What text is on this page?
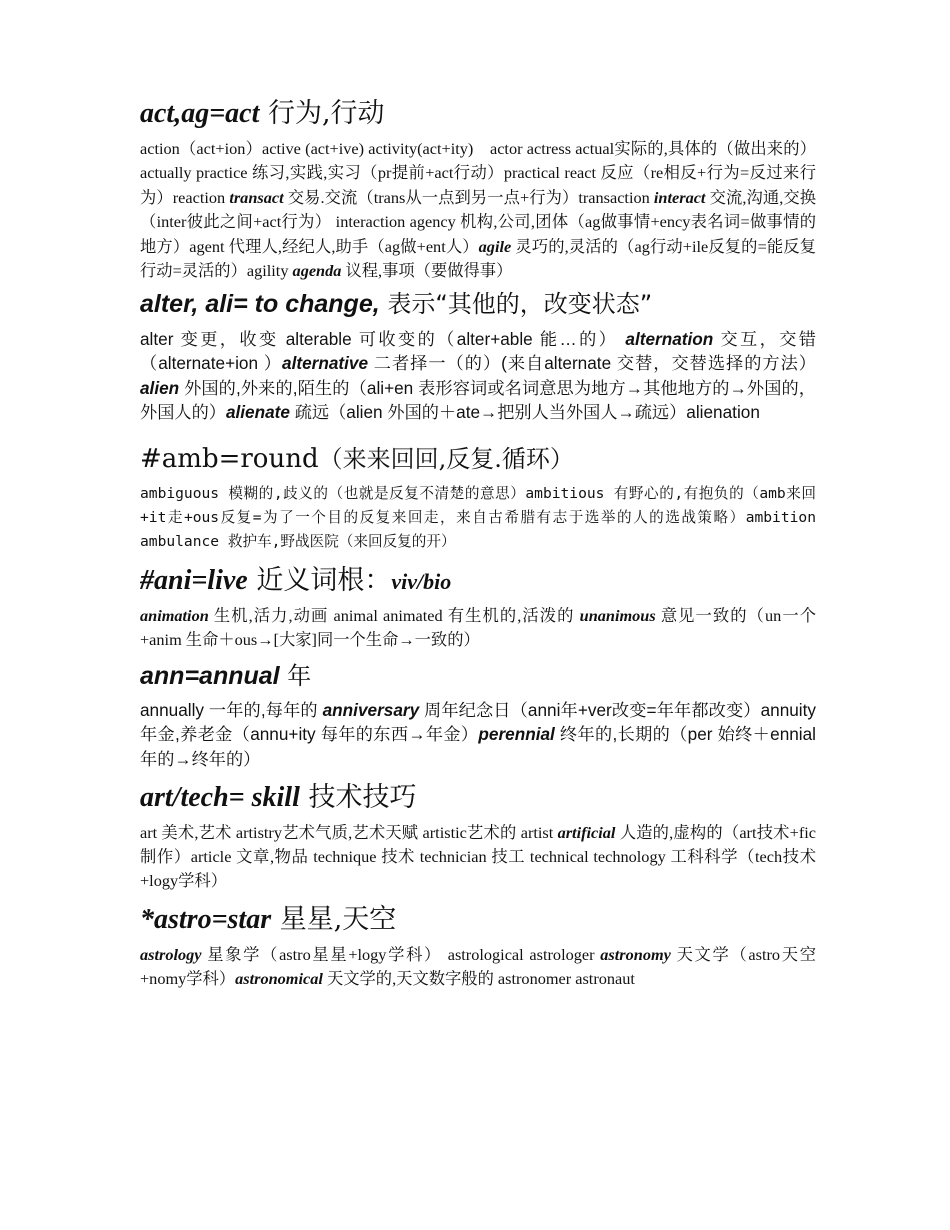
act,ag=act 行为,行动

action（act+ion）active (act+ive) activity(act+ity)　actor actress actual实际的,具体的（做出来的）actually practice 练习,实践,实习（pr提前+act行动）practical react 反应（re相反+行为=反过来行为）reaction transact 交易.交流（trans从一点到另一点+行为）transaction interact 交流,沟通,交换（inter彼此之间+act行为） interaction agency 机构,公司,团体（ag做事情+ency表名词=做事情的地方）agent 代理人,经纪人,助手（ag做+ent人）agile 灵巧的,灵活的（ag行动+ile反复的=能反复行动=灵活的）agility agenda 议程,事项（要做得事）

alter, ali= to change, 表示“其他的，改变状态”

alter 变更，收变 alterable 可收变的（alter+able 能…的） alternation 交互，交错（alternate+ion ）alternative 二者择一（的）(来自alternate 交替，交替选择的方法）alien 外国的,外来的,陌生的（ali+en 表形容词或名词意思为地方→其他地方的→外国的，外国人的）alienate 疏远（alien 外国的＋ate→把别人当外国人→疏远）alienation

#amb=round（来来回回,反复.循环）

ambiguous 模糊的,歧义的（也就是反复不清楚的意思）ambitious 有野心的,有抱负的（amb来回+it走+ous反复=为了一个目的反复来回走，来自古希腊有志于选举的人的选战策略）ambition ambulance 救护车,野战医院（来回反复的开）

#ani=live 近义词根：viv/bio

animation 生机,活力,动画 animal animated 有生机的,活泼的 unanimous 意见一致的（un一个+anim 生命＋ous→[大家]同一个生命→一致的）

ann=annual 年

annually 一年的,每年的 anniversary 周年纪念日（anni年+ver改变=年年都改变）annuity 年金,养老金（annu+ity 每年的东西→年金）perennial 终年的,长期的（per 始终＋ennial 年的→终年的）

art/tech= skill 技术技巧

art 美术,艺术 artistry艺术气质,艺术天赋 artistic艺术的 artist artificial 人造的,虚构的（art技术+fic制作）article 文章,物品 technique 技术 technician 技工 technical technology 工科科学（tech技术+logy学科）

*astro=star 星星,天空

astrology 星象学（astro星星+logy学科） astrological astrologer astronomy 天文学（astro天空+nomy学科）astronomical 天文学的,天文数字般的 astronomer astronaut
